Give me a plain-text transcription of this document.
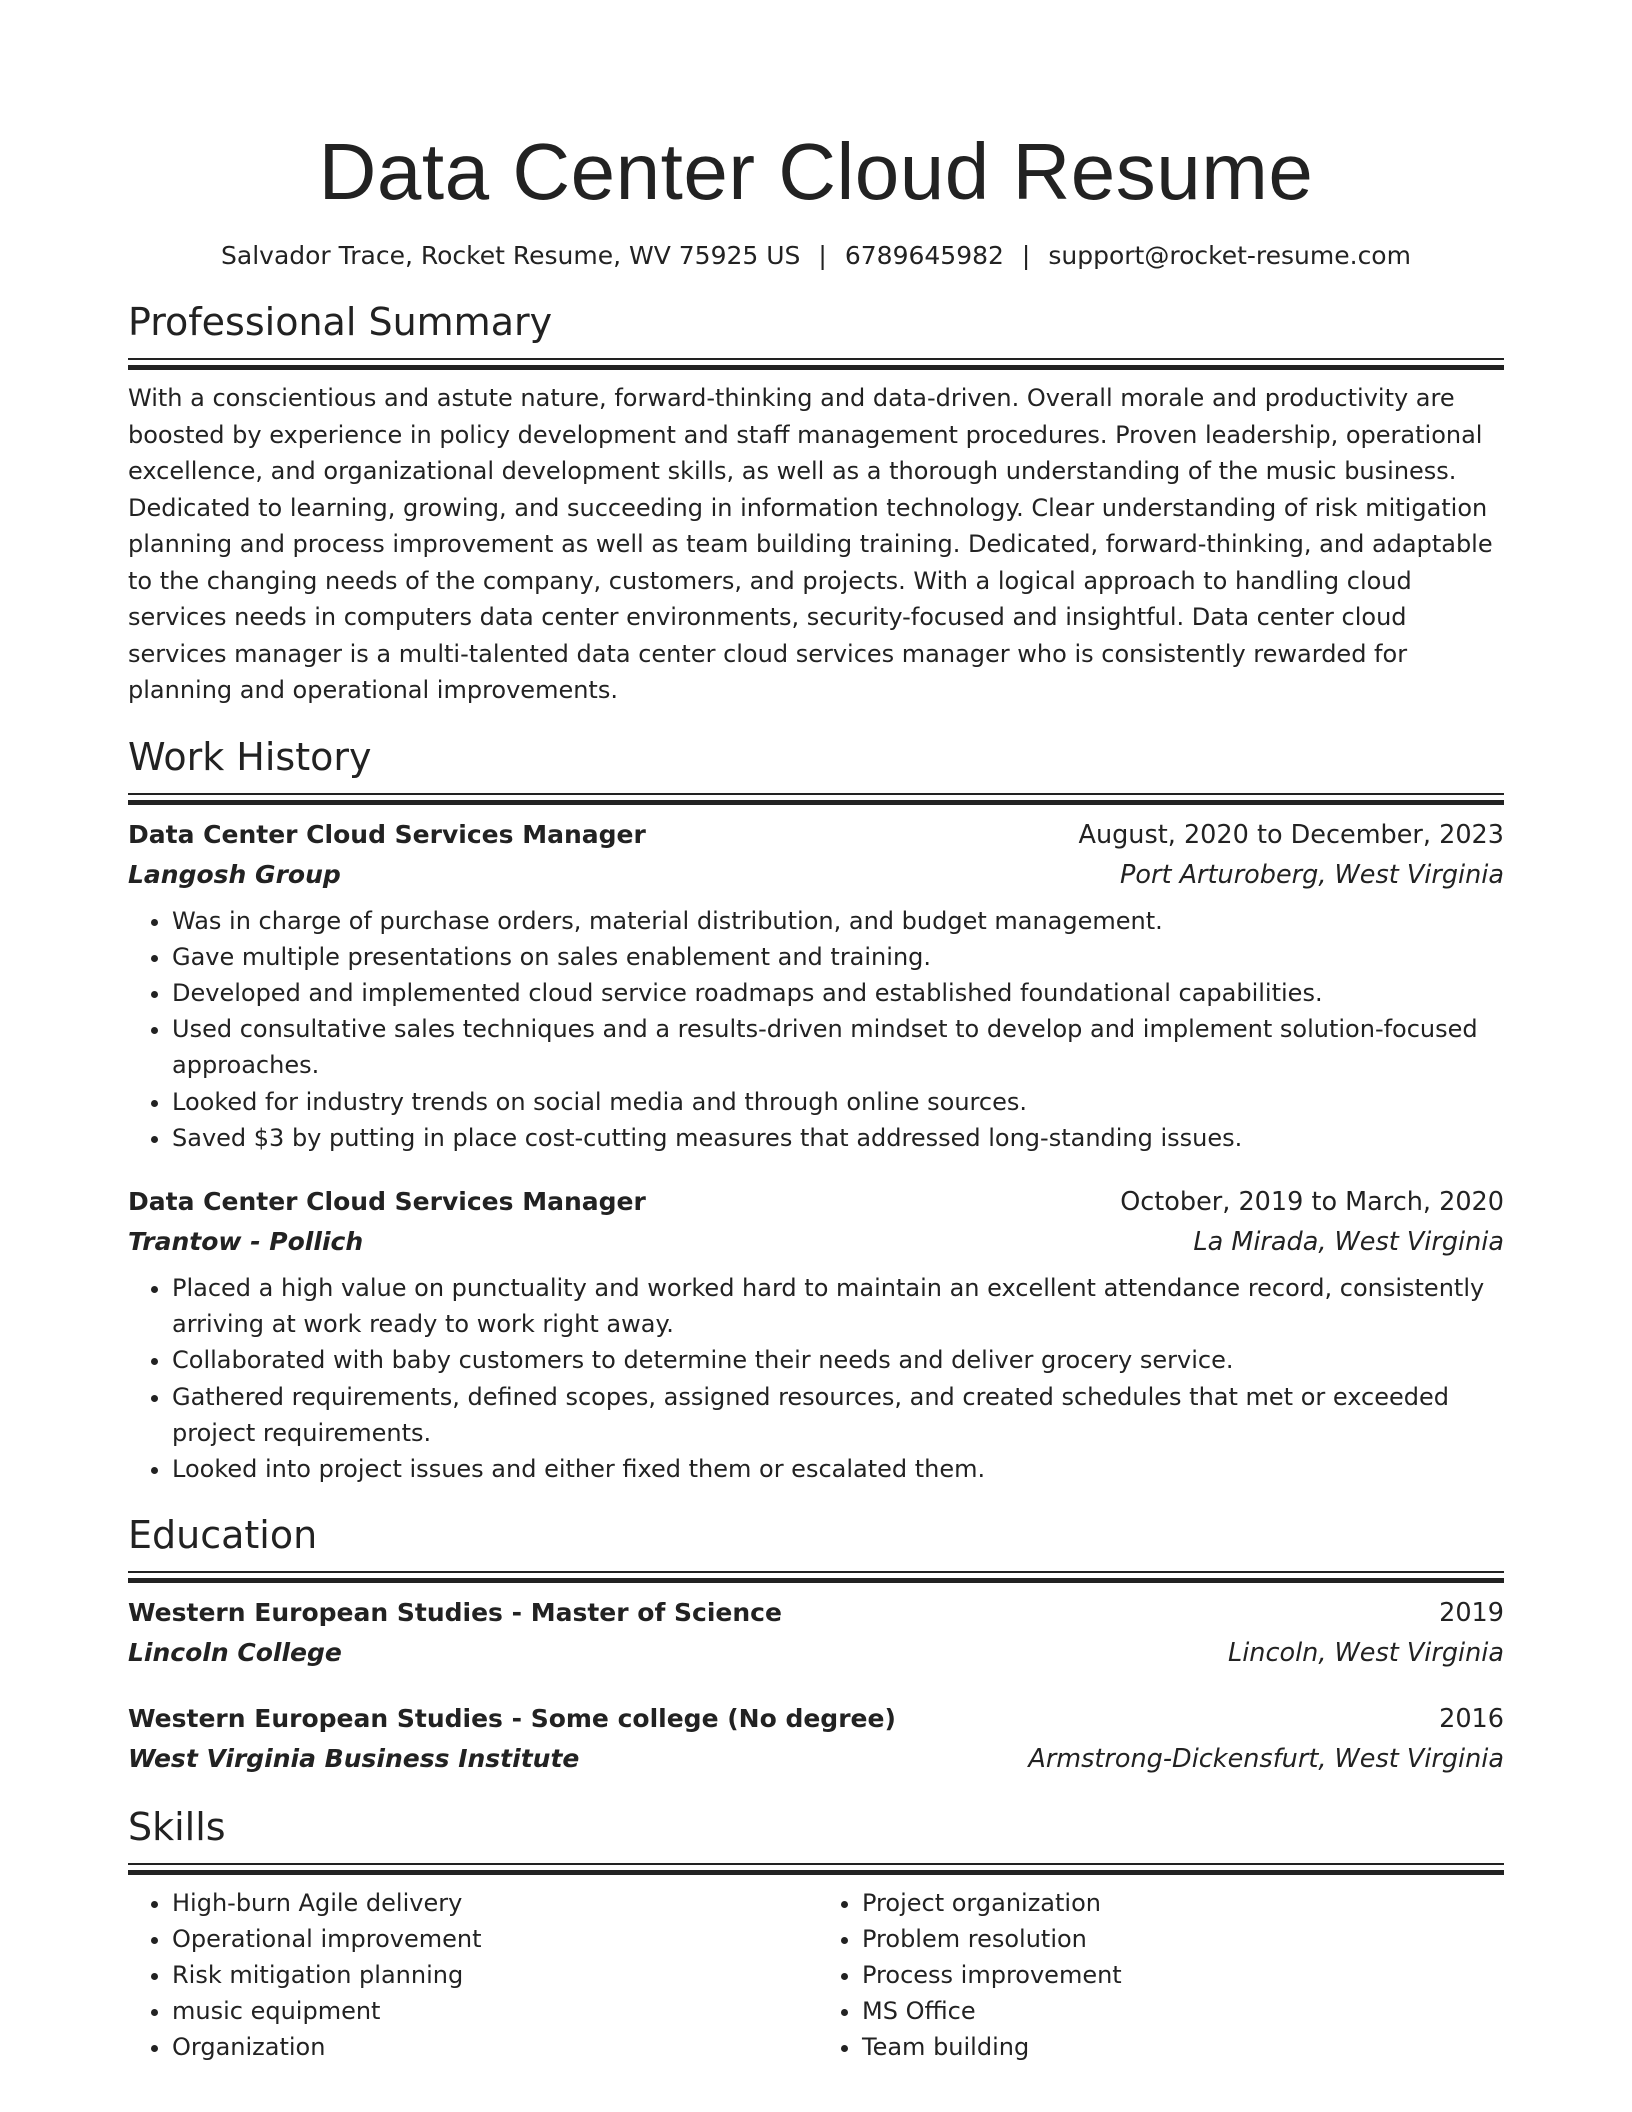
Data Center Cloud Resume
Salvador Trace, Rocket Resume, WV 75925 US | 6789645982 | support@rocket-resume.com
Professional Summary

With a conscientious and astute nature, forward-thinking and data-driven. Overall morale and productivity are boosted by experience in policy development and staff management procedures. Proven leadership, operational excellence, and organizational development skills, as well as a thorough understanding of the music business. Dedicated to learning, growing, and succeeding in information technology. Clear understanding of risk mitigation planning and process improvement as well as team building training. Dedicated, forward-thinking, and adaptable to the changing needs of the company, customers, and projects. With a logical approach to handling cloud services needs in computers data center environments, security-focused and insightful. Data center cloud services manager is a multi-talented data center cloud services manager who is consistently rewarded for planning and operational improvements.

Work History
Data Center Cloud Services Manager	August, 2020 to December, 2023
Langosh Group	Port Arturoberg, West Virginia
• Was in charge of purchase orders, material distribution, and budget management.
• Gave multiple presentations on sales enablement and training.
• Developed and implemented cloud service roadmaps and established foundational capabilities.
• Used consultative sales techniques and a results-driven mindset to develop and implement solution-focused approaches.
• Looked for industry trends on social media and through online sources.
• Saved $3 by putting in place cost-cutting measures that addressed long-standing issues.
Data Center Cloud Services Manager	October, 2019 to March, 2020
Trantow - Pollich	La Mirada, West Virginia
• Placed a high value on punctuality and worked hard to maintain an excellent attendance record, consistently arriving at work ready to work right away.
• Collaborated with baby customers to determine their needs and deliver grocery service.
• Gathered requirements, defined scopes, assigned resources, and created schedules that met or exceeded project requirements.
• Looked into project issues and either fixed them or escalated them.
Education
Western European Studies - Master of Science	2019
Lincoln College	Lincoln, West Virginia
Western European Studies - Some college (No degree)	2016
West Virginia Business Institute	Armstrong-Dickensfurt, West Virginia
Skills
• High-burn Agile delivery
• Operational improvement
• Risk mitigation planning
• music equipment
• Organization
• Project organization
• Problem resolution
• Process improvement
• MS Office
• Team building
